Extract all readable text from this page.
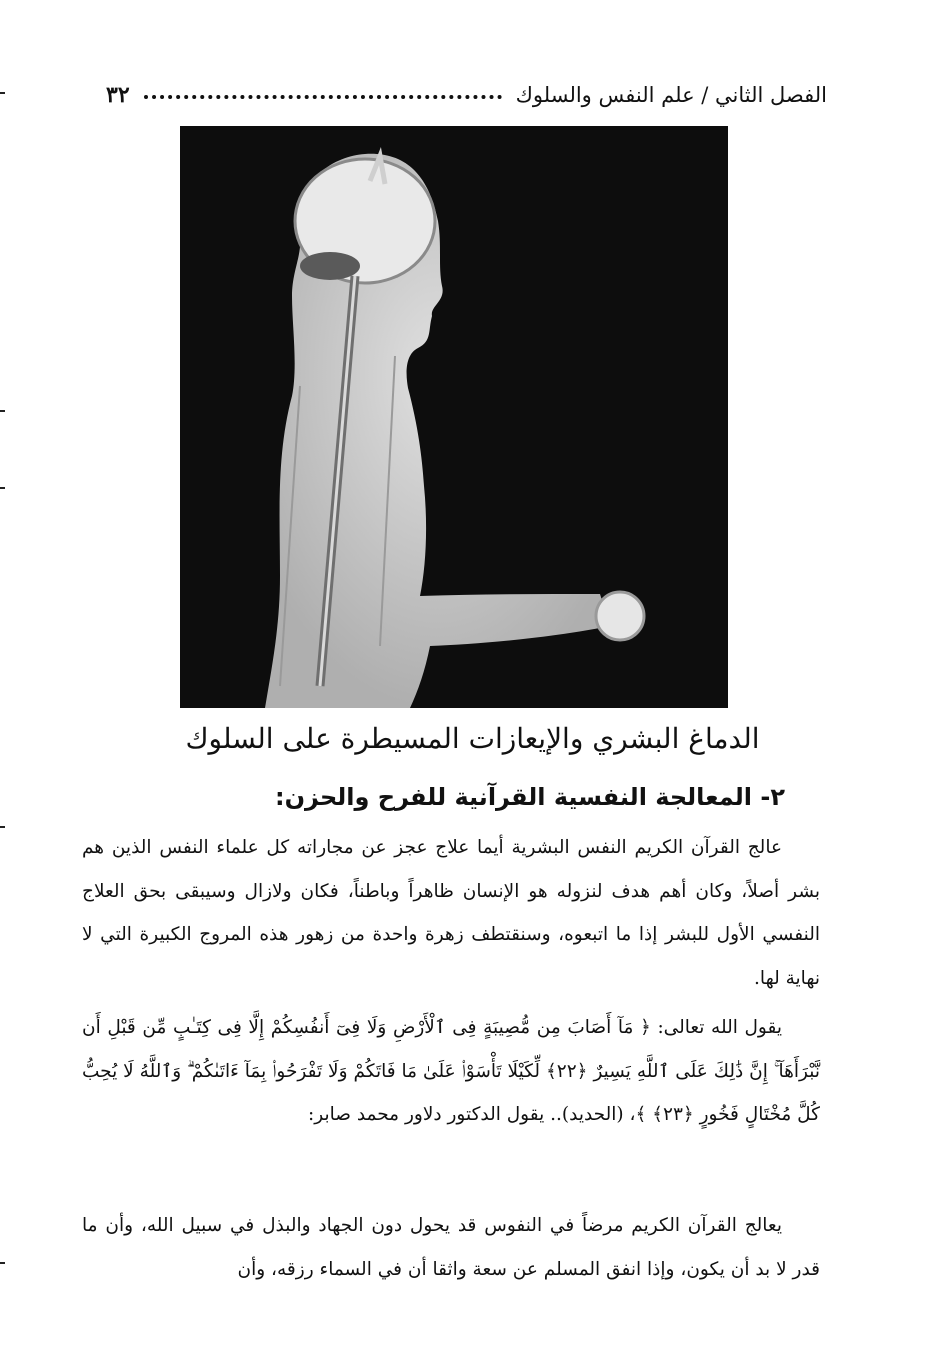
٣٢	الفصل الثاني / علم النفس والسلوك
الدماغ البشري والإيعازات المسيطرة على السلوك
٢- المعالجة النفسية القرآنية للفرح والحزن:

عالج القرآن الكريم النفس البشرية أيما علاج عجز عن مجاراته كل علماء النفس الذين هم بشر أصلاً، وكان أهم هدف لنزوله هو الإنسان ظاهراً وباطناً، فكان ولازال وسيبقى بحق العلاج النفسي الأول للبشر إذا ما اتبعوه، وسنقتطف زهرة واحدة من زهور هذه المروج الكبيرة التي لا نهاية لها.

يقول الله تعالى: ﴿ مَآ أَصَابَ مِن مُّصِيبَةٍ فِى ٱلْأَرْضِ وَلَا فِىٓ أَنفُسِكُمْ إِلَّا فِى كِتَـٰبٍ مِّن قَبْلِ أَن نَّبْرَأَهَآ ۚ إِنَّ ذَٰلِكَ عَلَى ٱللَّهِ يَسِيرٌ ﴿٢٢﴾ لِّكَيْلَا تَأْسَوْا۟ عَلَىٰ مَا فَاتَكُمْ وَلَا تَفْرَحُوا۟ بِمَآ ءَاتَىٰكُمْ ۗ وَٱللَّهُ لَا يُحِبُّ كُلَّ مُخْتَالٍ فَخُورٍ ﴿٢٣﴾ ﴾، (الحديد).. يقول الدكتور دلاور محمد صابر:

يعالج القرآن الكريم مرضاً في النفوس قد يحول دون الجهاد والبذل في سبيل الله، وأن ما قدر لا بد أن يكون، وإذا انفق المسلم عن سعة واثقا أن في السماء رزقه، وأن
